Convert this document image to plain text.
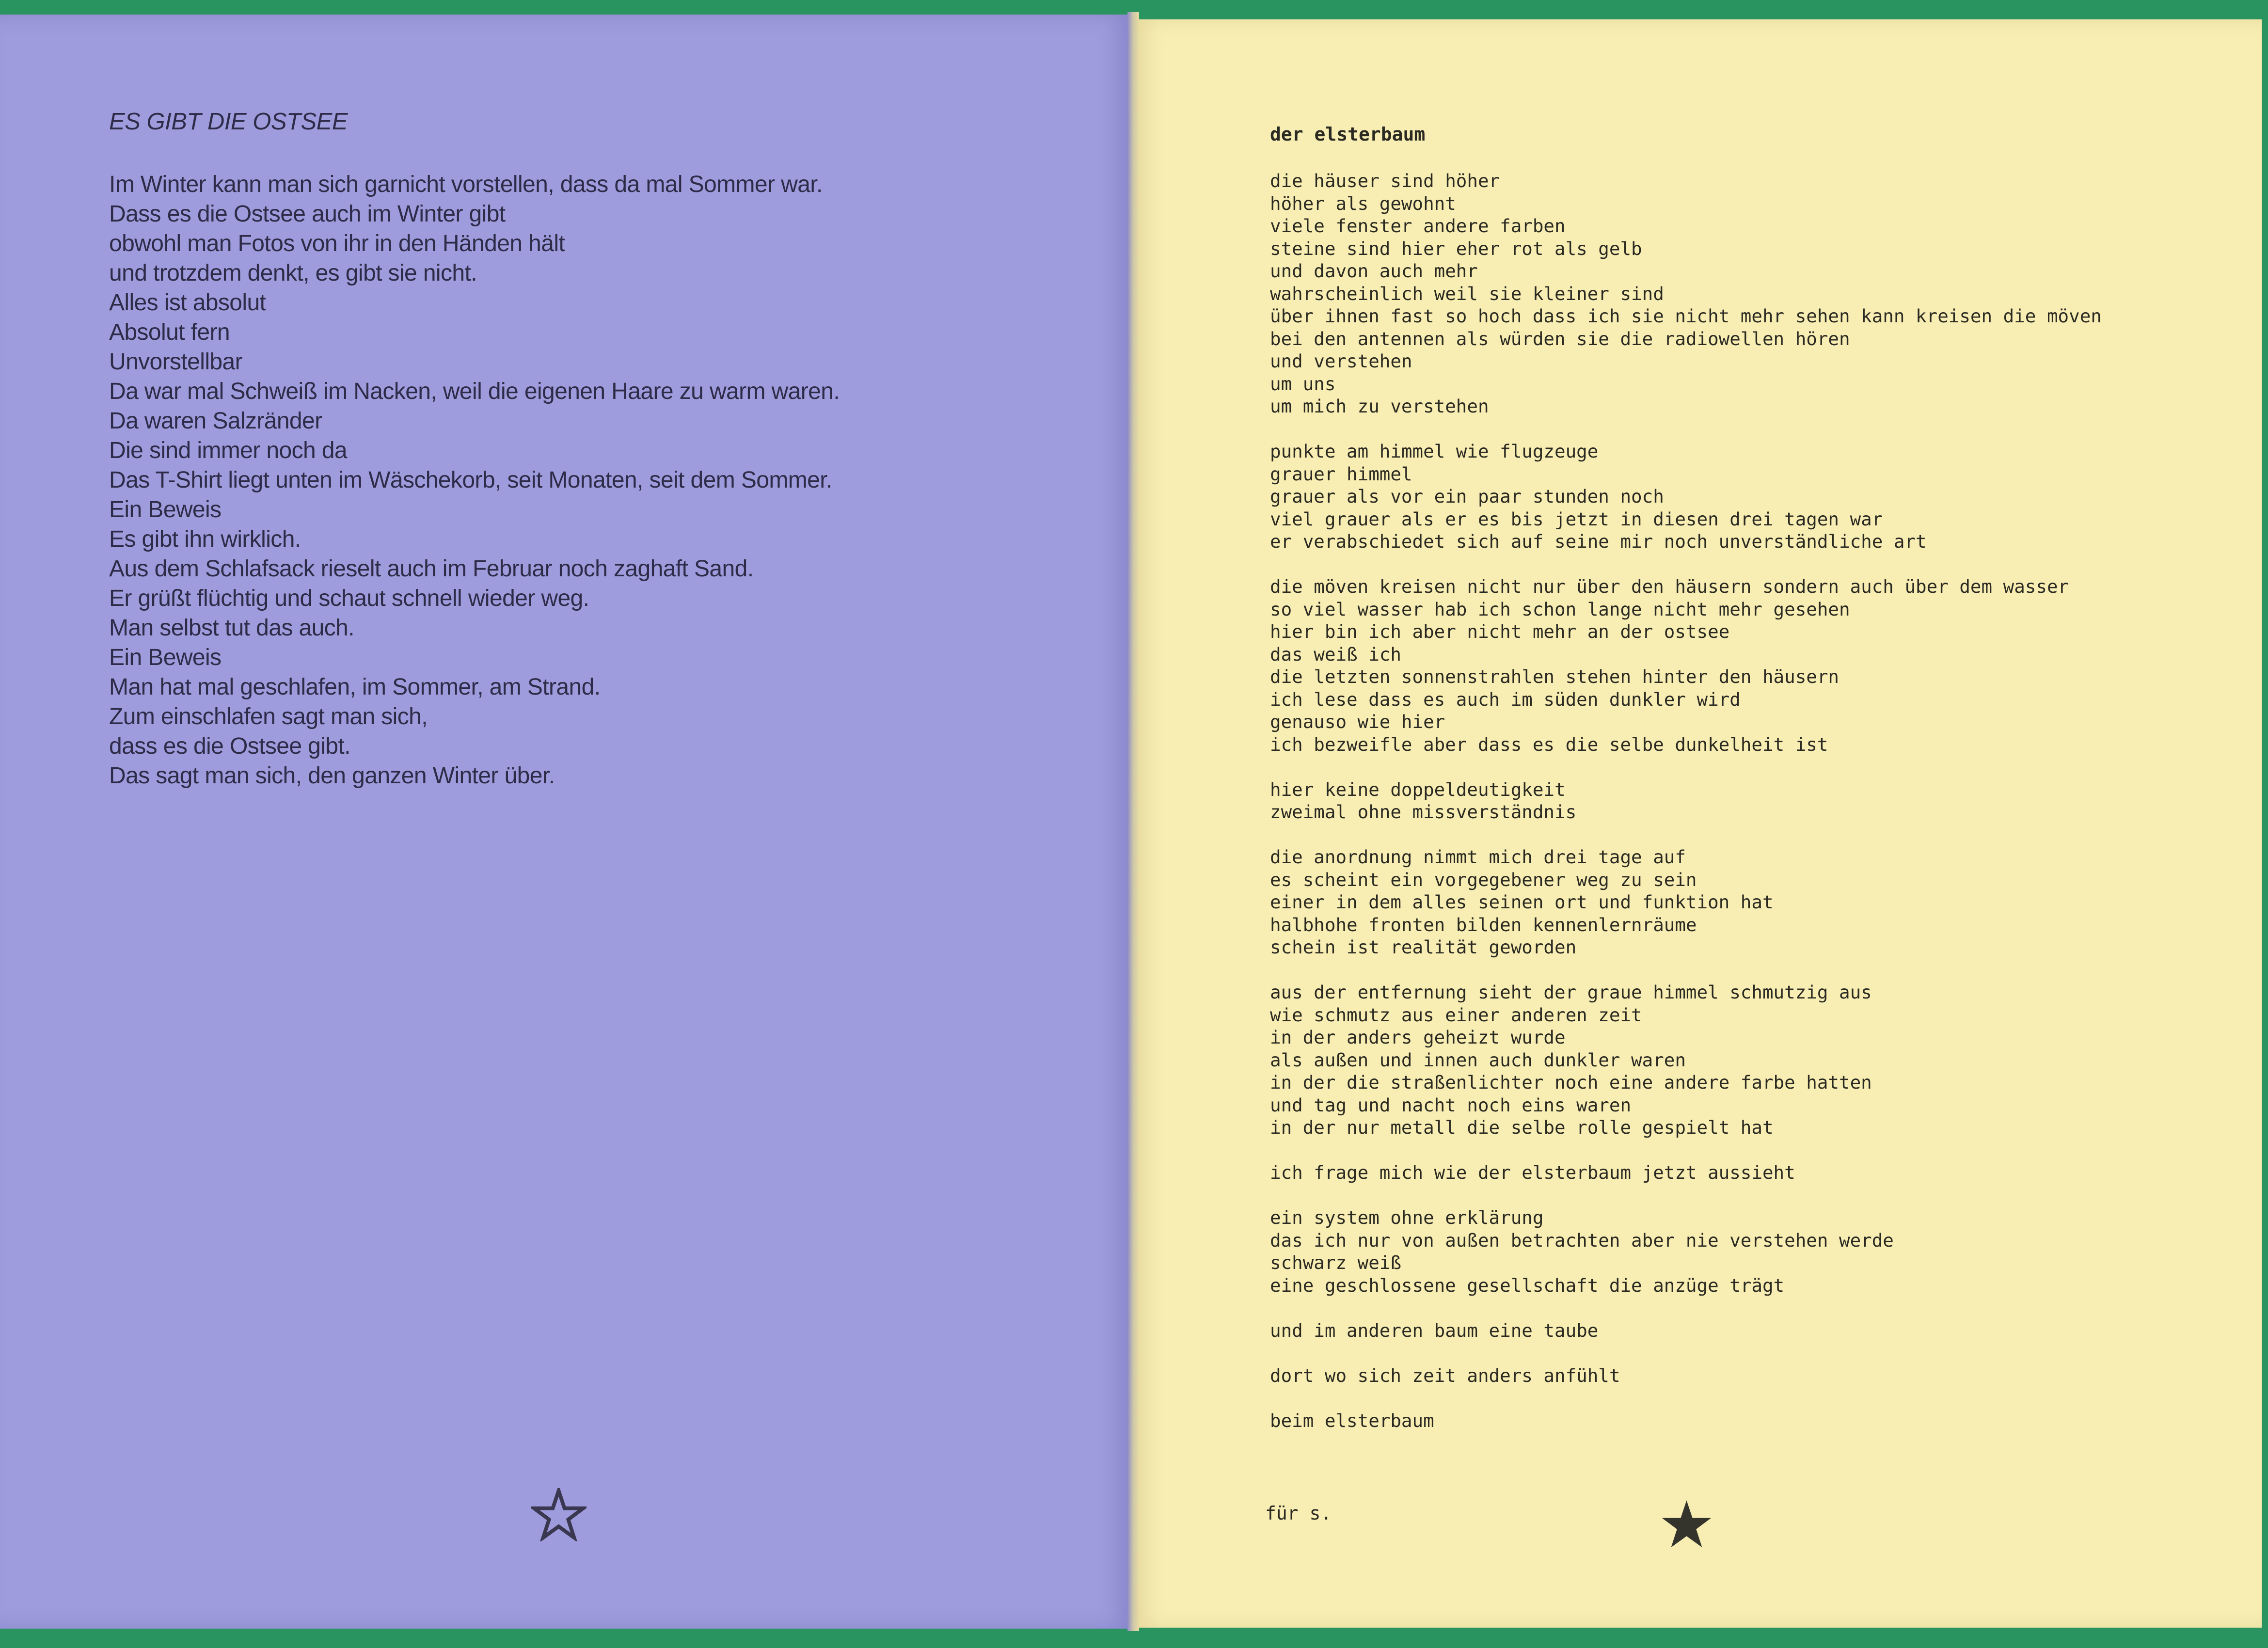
ES GIBT DIE OSTSEE
Im Winter kann man sich garnicht vorstellen, dass da mal Sommer war.
Dass es die Ostsee auch im Winter gibt
obwohl man Fotos von ihr in den Händen hält
und trotzdem denkt, es gibt sie nicht.
Alles ist absolut
Absolut fern
Unvorstellbar
Da war mal Schweiß im Nacken, weil die eigenen Haare zu warm waren.
Da waren Salzränder
Die sind immer noch da
Das T-Shirt liegt unten im Wäschekorb, seit Monaten, seit dem Sommer.
Ein Beweis
Es gibt ihn wirklich.
Aus dem Schlafsack rieselt auch im Februar noch zaghaft Sand.
Er grüßt flüchtig und schaut schnell wieder weg.
Man selbst tut das auch.
Ein Beweis
Man hat mal geschlafen, im Sommer, am Strand.
Zum einschlafen sagt man sich,
dass es die Ostsee gibt.
Das sagt man sich, den ganzen Winter über.
der elsterbaum
die häuser sind höher
höher als gewohnt
viele fenster andere farben
steine sind hier eher rot als gelb
und davon auch mehr
wahrscheinlich weil sie kleiner sind
über ihnen fast so hoch dass ich sie nicht mehr sehen kann kreisen die möven
bei den antennen als würden sie die radiowellen hören
und verstehen
um uns
um mich zu verstehen
punkte am himmel wie flugzeuge
grauer himmel
grauer als vor ein paar stunden noch
viel grauer als er es bis jetzt in diesen drei tagen war
er verabschiedet sich auf seine mir noch unverständliche art
die möven kreisen nicht nur über den häusern sondern auch über dem wasser
so viel wasser hab ich schon lange nicht mehr gesehen
hier bin ich aber nicht mehr an der ostsee
das weiß ich
die letzten sonnenstrahlen stehen hinter den häusern
ich lese dass es auch im süden dunkler wird
genauso wie hier
ich bezweifle aber dass es die selbe dunkelheit ist
hier keine doppeldeutigkeit
zweimal ohne missverständnis
die anordnung nimmt mich drei tage auf
es scheint ein vorgegebener weg zu sein
einer in dem alles seinen ort und funktion hat
halbhohe fronten bilden kennenlernräume
schein ist realität geworden
aus der entfernung sieht der graue himmel schmutzig aus
wie schmutz aus einer anderen zeit
in der anders geheizt wurde
als außen und innen auch dunkler waren
in der die straßenlichter noch eine andere farbe hatten
und tag und nacht noch eins waren
in der nur metall die selbe rolle gespielt hat
ich frage mich wie der elsterbaum jetzt aussieht
ein system ohne erklärung
das ich nur von außen betrachten aber nie verstehen werde
schwarz weiß
eine geschlossene gesellschaft die anzüge trägt
und im anderen baum eine taube
dort wo sich zeit anders anfühlt
beim elsterbaum

für s.
